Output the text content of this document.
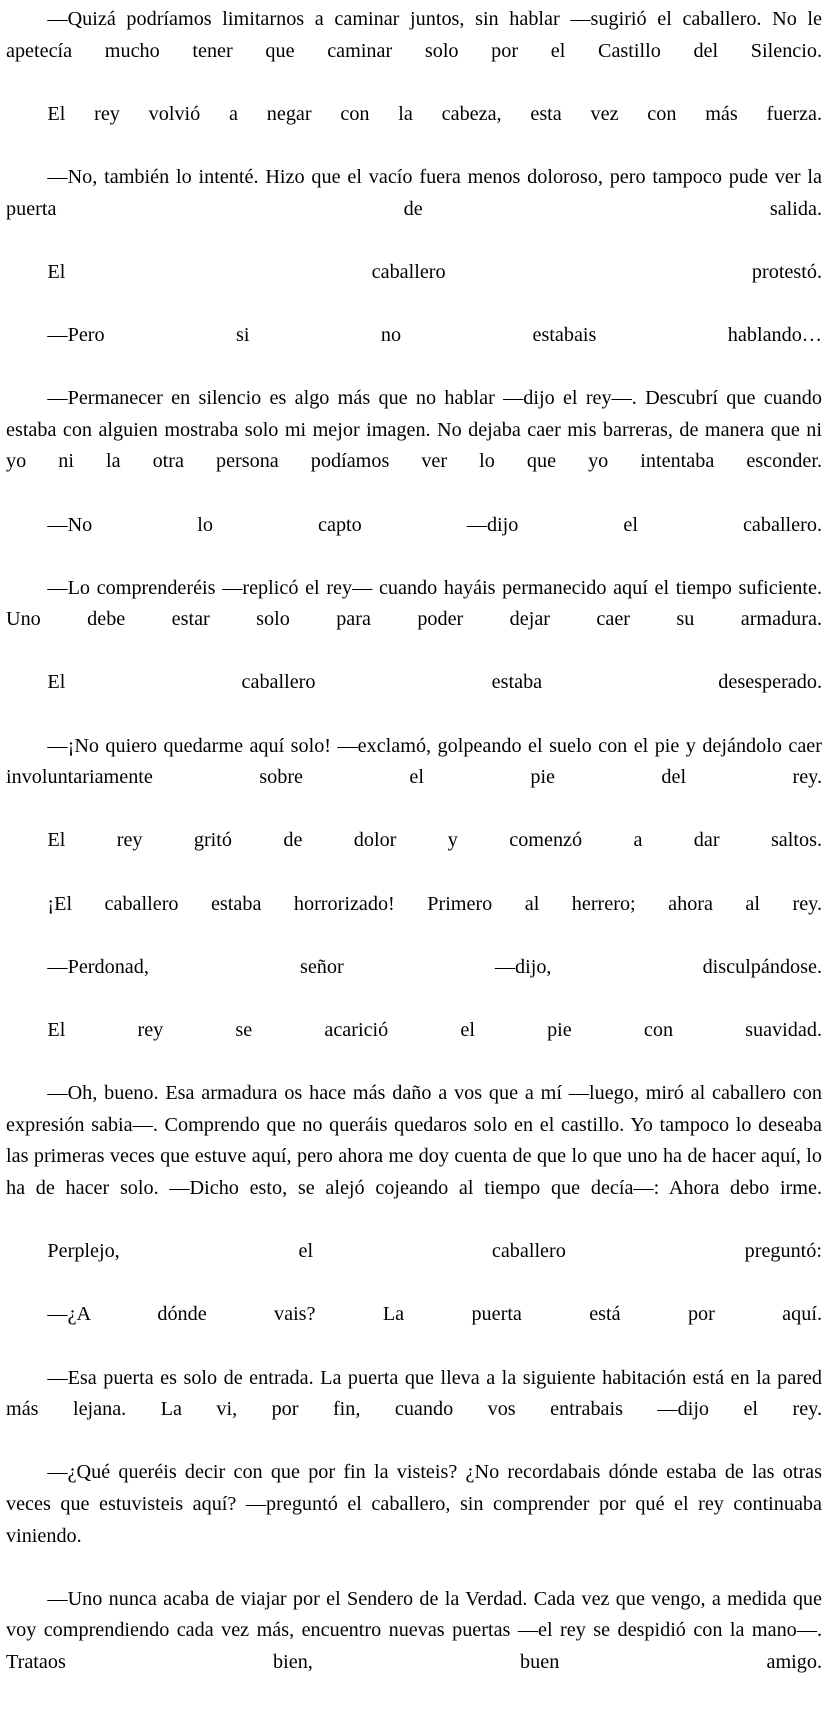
—Quizá podríamos limitarnos a caminar juntos, sin hablar —sugirió el caballero. No le apetecía mucho tener que caminar solo por el Castillo del Silencio.

El rey volvió a negar con la cabeza, esta vez con más fuerza.

—No, también lo intenté. Hizo que el vacío fuera menos doloroso, pero tampoco pude ver la puerta de salida.

El caballero protestó.

—Pero si no estabais hablando…

—Permanecer en silencio es algo más que no hablar —dijo el rey—. Descubrí que cuando estaba con alguien mostraba solo mi mejor imagen. No dejaba caer mis barreras, de manera que ni yo ni la otra persona podíamos ver lo que yo intentaba esconder.

—No lo capto —dijo el caballero.

—Lo comprenderéis —replicó el rey— cuando hayáis permanecido aquí el tiempo suficiente. Uno debe estar solo para poder dejar caer su armadura.

El caballero estaba desesperado.

—¡No quiero quedarme aquí solo! —exclamó, golpeando el suelo con el pie y dejándolo caer involuntariamente sobre el pie del rey.

El rey gritó de dolor y comenzó a dar saltos.

¡El caballero estaba horrorizado! Primero al herrero; ahora al rey.

—Perdonad, señor —dijo, disculpándose.

El rey se acarició el pie con suavidad.

—Oh, bueno. Esa armadura os hace más daño a vos que a mí —luego, miró al caballero con expresión sabia—. Comprendo que no queráis quedaros solo en el castillo. Yo tampoco lo deseaba las primeras veces que estuve aquí, pero ahora me doy cuenta de que lo que uno ha de hacer aquí, lo ha de hacer solo. —Dicho esto, se alejó cojeando al tiempo que decía—: Ahora debo irme.

Perplejo, el caballero preguntó:

—¿A dónde vais? La puerta está por aquí.

—Esa puerta es solo de entrada. La puerta que lleva a la siguiente habitación está en la pared más lejana. La vi, por fin, cuando vos entrabais —dijo el rey.

—¿Qué queréis decir con que por fin la visteis? ¿No recordabais dónde estaba de las otras veces que estuvisteis aquí? —preguntó el caballero, sin comprender por qué el rey continuaba viniendo.

—Uno nunca acaba de viajar por el Sendero de la Verdad. Cada vez que vengo, a medida que voy comprendiendo cada vez más, encuentro nuevas puertas —el rey se despidió con la mano—. Trataos bien, buen amigo.
